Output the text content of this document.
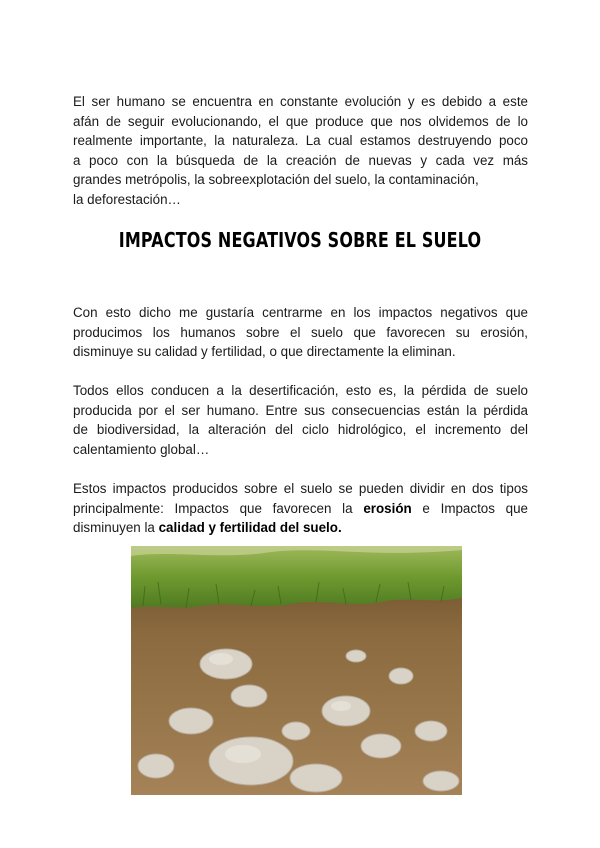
El ser humano se encuentra en constante evolución y es debido a este
afán de seguir evolucionando, el que produce que nos olvidemos de lo
realmente importante, la naturaleza. La cual estamos destruyendo poco
a poco con la búsqueda de la creación de nuevas y cada vez más
grandes metrópolis, la sobreexplotación del suelo, la contaminación,
la deforestación…

IMPACTOS NEGATIVOS SOBRE EL SUELO

Con esto dicho me gustaría centrarme en los impactos negativos que
producimos los humanos sobre el suelo que favorecen su erosión,
disminuye su calidad y fertilidad, o que directamente la eliminan.

Todos ellos conducen a la desertificación, esto es, la pérdida de suelo
producida por el ser humano. Entre sus consecuencias están la pérdida
de biodiversidad, la alteración del ciclo hidrológico, el incremento del
calentamiento global…

Estos impactos producidos sobre el suelo se pueden dividir en dos tipos
principalmente: Impactos que favorecen la erosión e Impactos que
disminuyen la calidad y fertilidad del suelo.
